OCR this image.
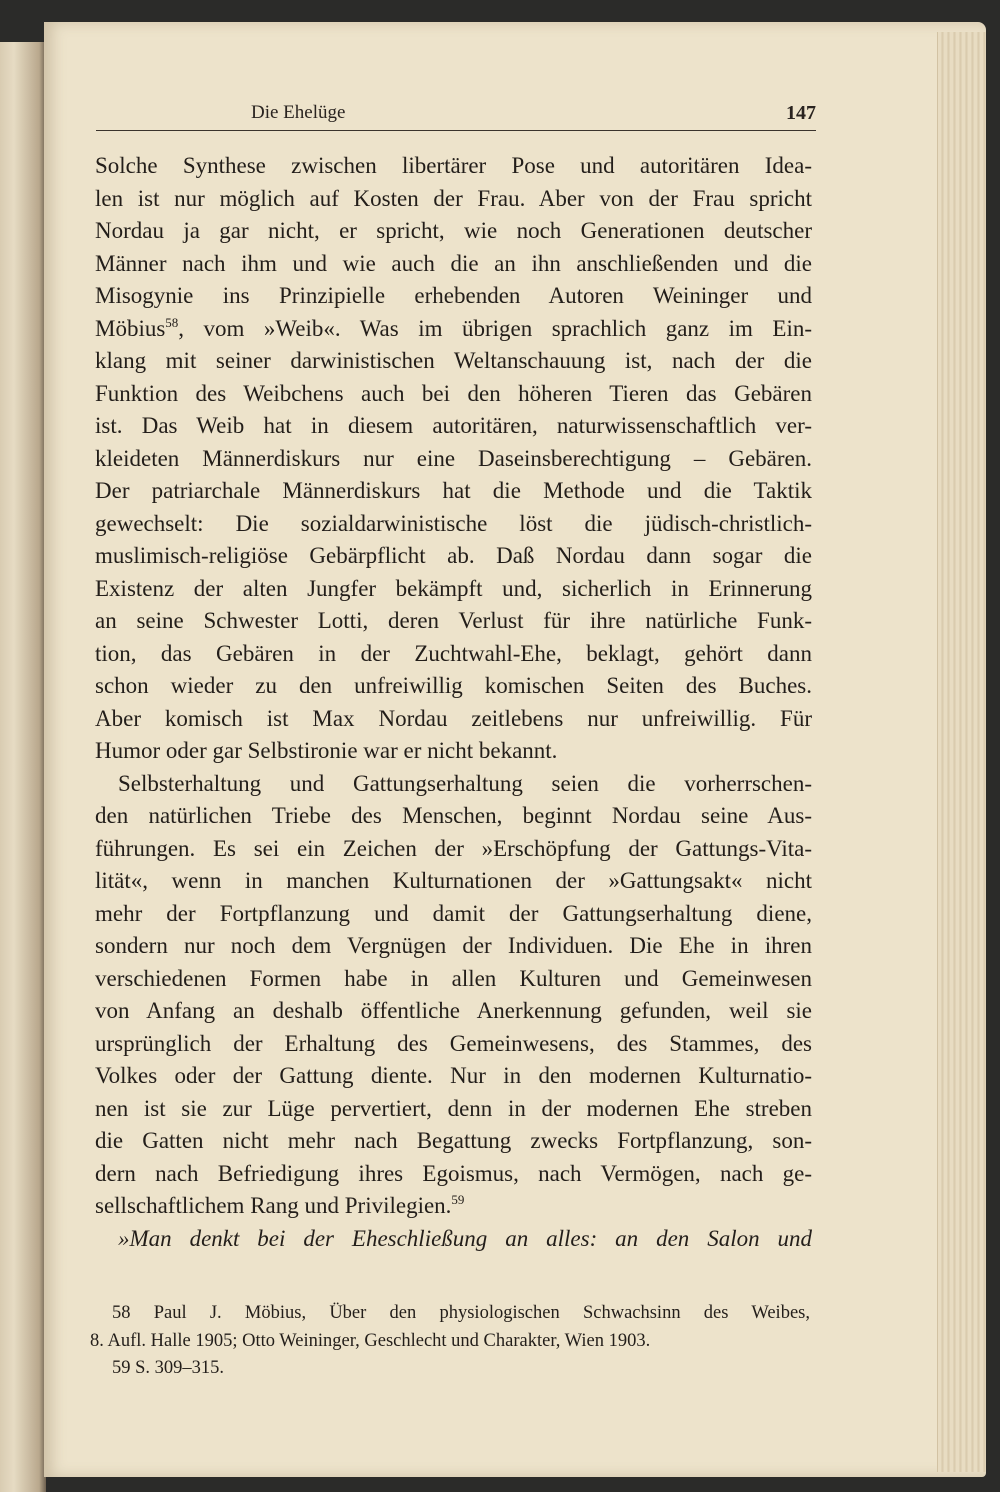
Die Ehelüge	147
Solche Synthese zwischen libertärer Pose und autoritären Idea-
len ist nur möglich auf Kosten der Frau. Aber von der Frau spricht
Nordau ja gar nicht, er spricht, wie noch Generationen deutscher
Männer nach ihm und wie auch die an ihn anschließenden und die
Misogynie ins Prinzipielle erhebenden Autoren Weininger und
Möbius$^{58}$, vom »Weib«. Was im übrigen sprachlich ganz im Ein-
klang mit seiner darwinistischen Weltanschauung ist, nach der die
Funktion des Weibchens auch bei den höheren Tieren das Gebären
ist. Das Weib hat in diesem autoritären, naturwissenschaftlich ver-
kleideten Männerdiskurs nur eine Daseinsberechtigung – Gebären.
Der patriarchale Männerdiskurs hat die Methode und die Taktik
gewechselt: Die sozialdarwinistische löst die jüdisch-christlich-
muslimisch-religiöse Gebärpflicht ab. Daß Nordau dann sogar die
Existenz der alten Jungfer bekämpft und, sicherlich in Erinnerung
an seine Schwester Lotti, deren Verlust für ihre natürliche Funk-
tion, das Gebären in der Zuchtwahl-Ehe, beklagt, gehört dann
schon wieder zu den unfreiwillig komischen Seiten des Buches.
Aber komisch ist Max Nordau zeitlebens nur unfreiwillig. Für
Humor oder gar Selbstironie war er nicht bekannt.
Selbsterhaltung und Gattungserhaltung seien die vorherrschen-
den natürlichen Triebe des Menschen, beginnt Nordau seine Aus-
führungen. Es sei ein Zeichen der »Erschöpfung der Gattungs-Vita-
lität«, wenn in manchen Kulturnationen der »Gattungsakt« nicht
mehr der Fortpflanzung und damit der Gattungserhaltung diene,
sondern nur noch dem Vergnügen der Individuen. Die Ehe in ihren
verschiedenen Formen habe in allen Kulturen und Gemeinwesen
von Anfang an deshalb öffentliche Anerkennung gefunden, weil sie
ursprünglich der Erhaltung des Gemeinwesens, des Stammes, des
Volkes oder der Gattung diente. Nur in den modernen Kulturnatio-
nen ist sie zur Lüge pervertiert, denn in der modernen Ehe streben
die Gatten nicht mehr nach Begattung zwecks Fortpflanzung, son-
dern nach Befriedigung ihres Egoismus, nach Vermögen, nach ge-
sellschaftlichem Rang und Privilegien.$^{59}$
»Man denkt bei der Eheschließung an alles: an den Salon und
58 Paul J. Möbius, Über den physiologischen Schwachsinn des Weibes,
8. Aufl. Halle 1905; Otto Weininger, Geschlecht und Charakter, Wien 1903.
59 S. 309–315.
